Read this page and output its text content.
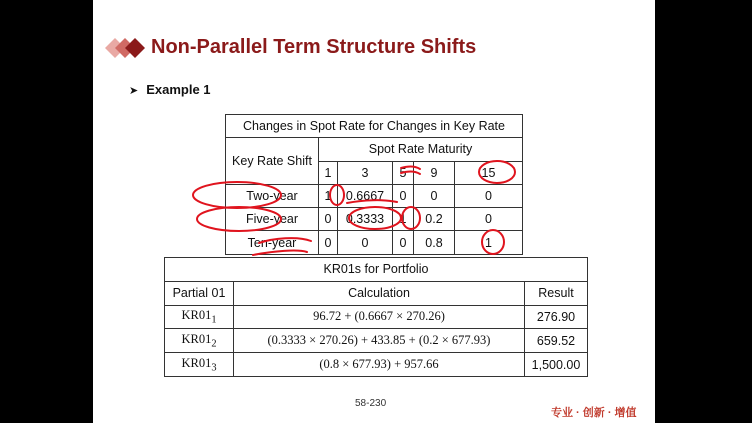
Non-Parallel Term Structure Shifts
➤ Example 1
Changes in Spot Rate for Changes in Key Rate					
Key Rate Shift	Spot Rate Maturity				
	1	3	5	9	15
Two-year	1	0.6667	0	0	0
Five-year	0	0.3333	1	0.2	0
Ten-year	0	0	0	0.8	1
KR01s for Portfolio		
Partial 01	Calculation	Result
$KR01_1$	96.72 + (0.6667 × 270.26)	276.90
$KR01_2$	(0.3333 × 270.26) + 433.85 + (0.2 × 677.93)	659.52
$KR01_3$	(0.8 × 677.93) + 957.66	1,500.00
58-230
专业 · 创新 · 增值
